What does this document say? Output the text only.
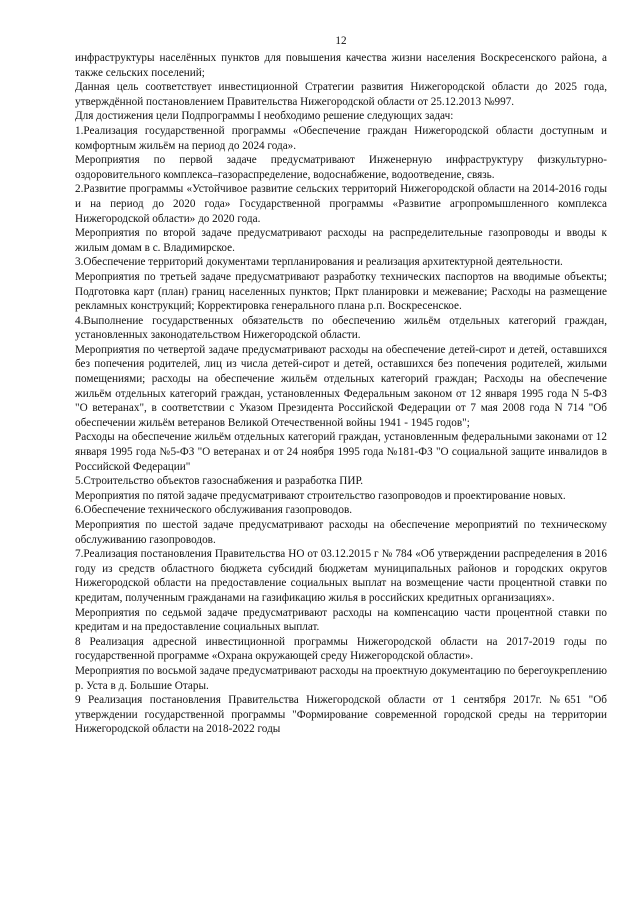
12

инфраструктуры населённых пунктов для повышения качества жизни населения Воскресенского района, а также сельских поселений;

Данная цель соответствует инвестиционной Стратегии развития Нижегородской области до 2025 года, утверждённой постановлением Правительства Нижегородской области от 25.12.2013 №997.

Для достижения цели Подпрограммы I необходимо решение следующих задач:

1.Реализация государственной программы «Обеспечение граждан Нижегородской области доступным и комфортным жильём на период до 2024 года».

Мероприятия по первой задаче предусматривают Инженерную инфраструктуру физкультурно-оздоровительного комплекса–газораспределение, водоснабжение, водоотведение, связь.

2.Развитие программы «Устойчивое развитие сельских территорий Нижегородской области на 2014-2016 годы и на период до 2020 года» Государственной программы «Развитие агропромышленного комплекса Нижегородской области» до 2020 года.

Мероприятия по второй задаче предусматривают расходы на распределительные газопроводы и вводы к жилым домам в с. Владимирское.

3.Обеспечение территорий документами терпланирования и реализация архитектурной деятельности.

Мероприятия по третьей задаче предусматривают разработку технических паспортов на вводимые объекты; Подготовка карт (план) границ населенных пунктов; Пркт планировки и межевание; Расходы на размещение рекламных конструкций; Корректировка генерального плана р.п. Воскресенское.

4.Выполнение государственных обязательств по обеспечению жильём отдельных категорий граждан, установленных законодательством Нижегородской области.

Мероприятия по четвертой задаче предусматривают расходы на обеспечение детей-сирот и детей, оставшихся без попечения родителей, лиц из числа детей-сирот и детей, оставшихся без попечения родителей, жилыми помещениями; расходы на обеспечение жильём отдельных категорий граждан; Расходы на обеспечение жильём отдельных категорий граждан, установленных Федеральным законом от 12 января 1995 года N 5-ФЗ "О ветеранах", в соответствии с Указом Президента Российской Федерации от 7 мая 2008 года N 714 "Об обеспечении жильём ветеранов Великой Отечественной войны 1941 - 1945 годов";

Расходы на обеспечение жильём отдельных категорий граждан, установленным федеральными законами от 12 января 1995 года №5-ФЗ "О ветеранах и от 24 ноября 1995 года №181-ФЗ "О социальной защите инвалидов в Российской Федерации"

5.Строительство объектов газоснабжения и разработка ПИР.

Мероприятия по пятой задаче предусматривают строительство газопроводов и проектирование новых.

6.Обеспечение технического обслуживания газопроводов.

Мероприятия по шестой задаче предусматривают расходы на обеспечение мероприятий по техническому обслуживанию газопроводов.

7.Реализация постановления Правительства НО от 03.12.2015 г № 784 «Об утверждении распределения в 2016 году из средств областного бюджета субсидий бюджетам муниципальных районов и городских округов Нижегородской области на предоставление социальных выплат на возмещение части процентной ставки по кредитам, полученным гражданами на газификацию жилья в российских кредитных организациях».

Мероприятия по седьмой задаче предусматривают расходы на компенсацию части процентной ставки по кредитам и на предоставление социальных выплат.

8 Реализация адресной инвестиционной программы Нижегородской области на 2017-2019 годы по государственной программе «Охрана окружающей среду Нижегородской области».

Мероприятия по восьмой задаче предусматривают расходы на проектную документацию по берегоукреплению р. Уста в д. Большие Отары.

9 Реализация постановления Правительства Нижегородской области от 1 сентября 2017г. №651 "Об утверждении государственной программы "Формирование современной городской среды на территории Нижегородской области на 2018-2022 годы
